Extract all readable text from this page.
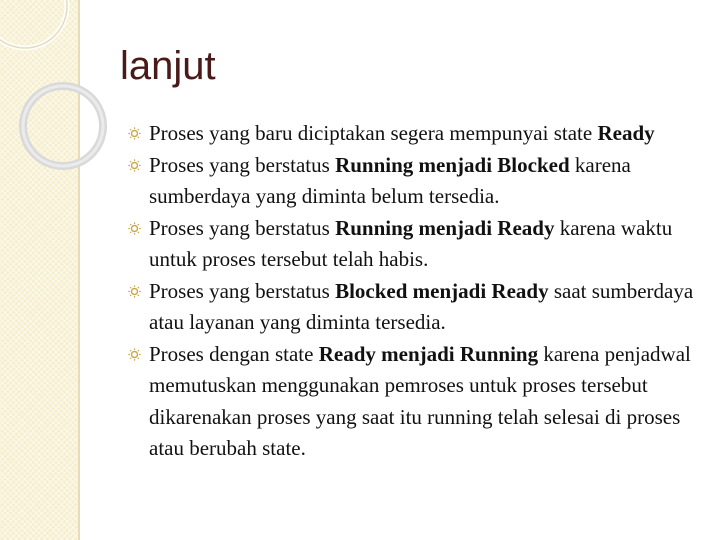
lanjut
Proses yang baru diciptakan segera mempunyai state Ready
Proses yang berstatus Running menjadi Blocked karena sumberdaya yang diminta belum tersedia.
Proses yang berstatus Running menjadi Ready karena waktu untuk proses tersebut telah habis.
Proses yang berstatus Blocked menjadi Ready saat sumberdaya atau layanan yang diminta tersedia.
Proses dengan state Ready menjadi Running karena penjadwal memutuskan menggunakan pemroses untuk proses tersebut dikarenakan proses yang saat itu running telah selesai di proses atau berubah state.
